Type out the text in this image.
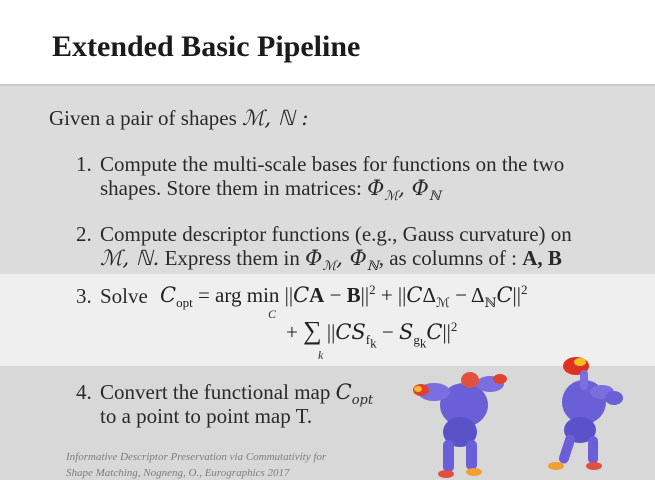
Extended Basic Pipeline
Given a pair of shapes ℳ, ℕ :
1. Compute the multi-scale bases for functions on the two
shapes. Store them in matrices: $\Phi_ℳ$, $\Phi_ℕ$
2. Compute descriptor functions (e.g., Gauss curvature) on
ℳ, ℕ. Express them in $\Phi_ℳ$, $\Phi_ℕ$, as columns of : A, B
3. Solve $C_{opt}$ = arg $\min ||CA - B||^2 + ||C\Delta_ℳ - \Delta_ℕC||^2$
C
+ ∑ $||CS_{f_k} - S_{g_k}C||^2$
k
4. Convert the functional map $C_{opt}$
to a point to point map T.
Informative Descriptor Preservation via Commutativity for
Shape Matching, Nogneng, O., Eurographics 2017
